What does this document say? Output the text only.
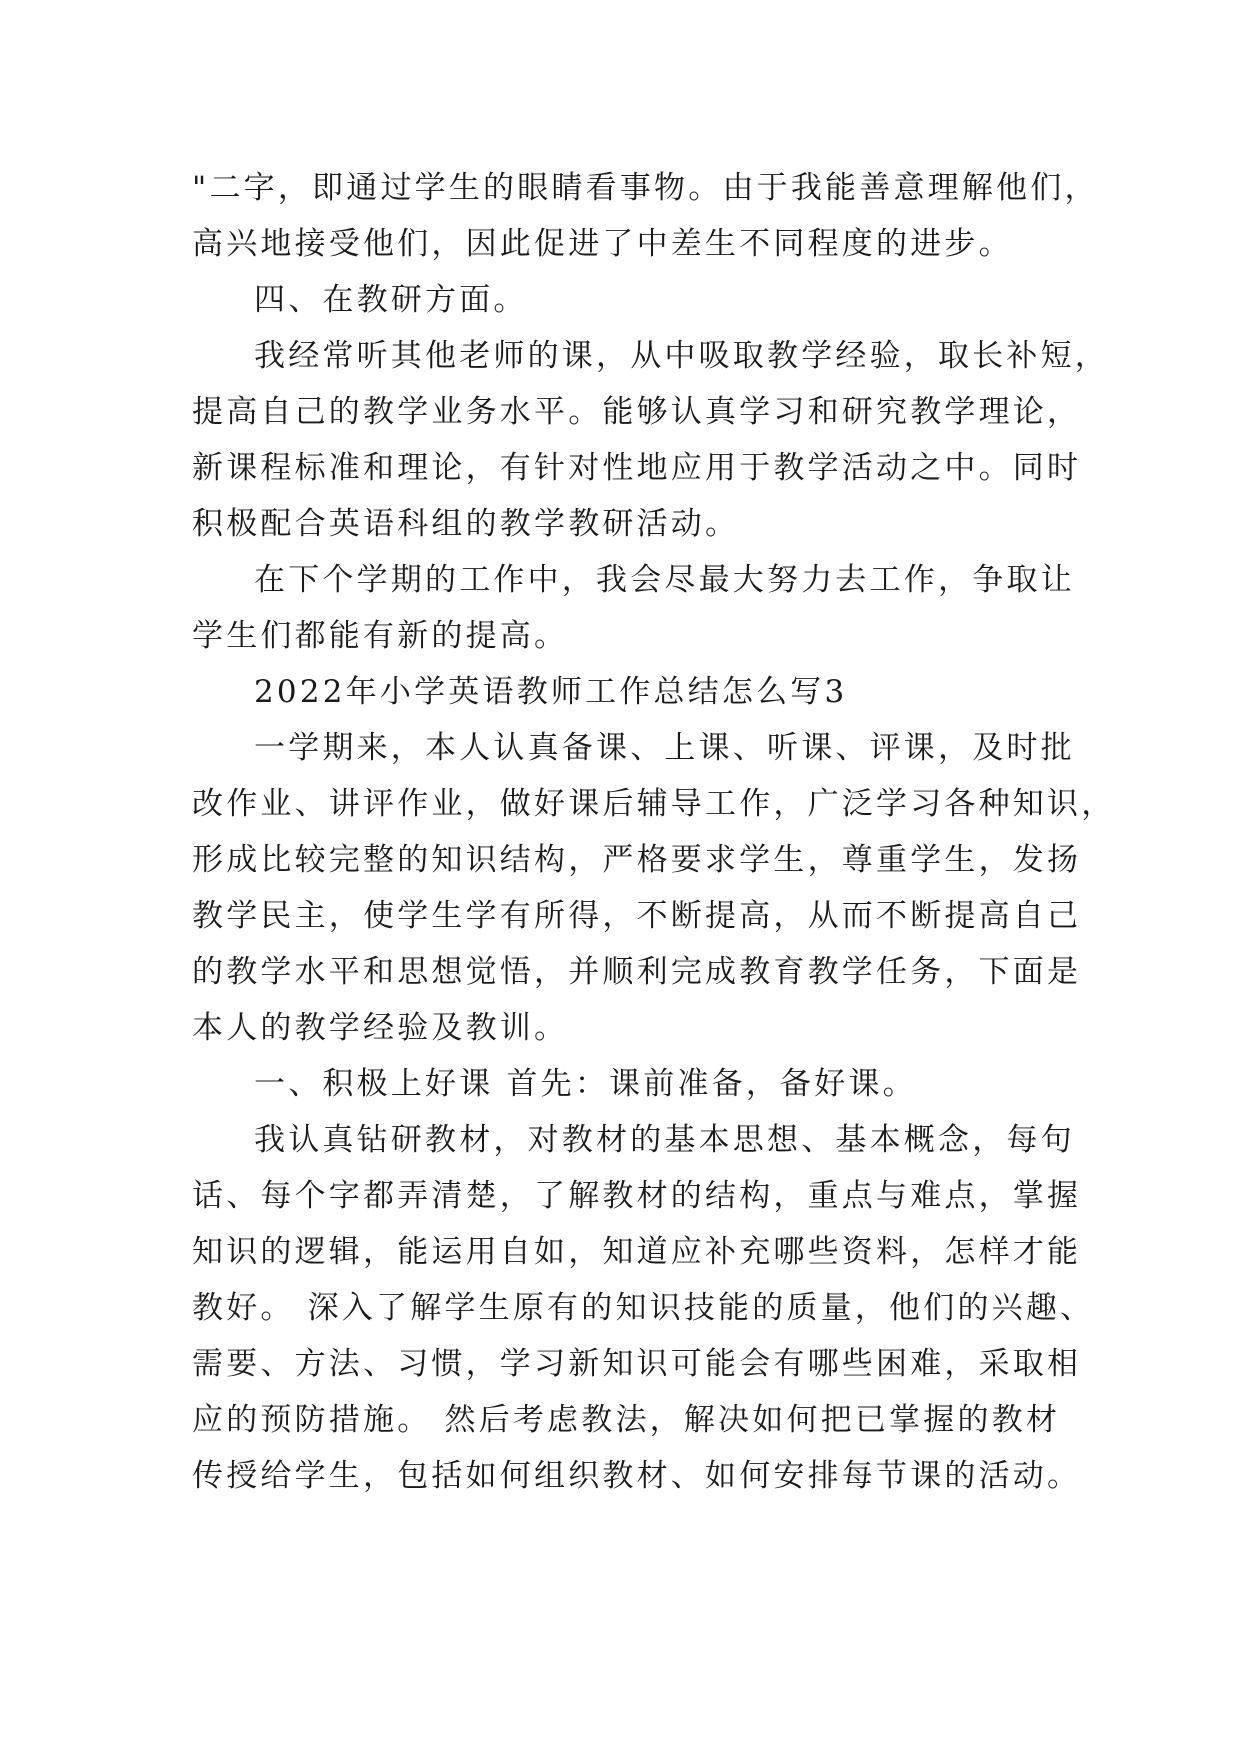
"二字，即通过学生的眼睛看事物。由于我能善意理解他们，
高兴地接受他们，因此促进了中差生不同程度的进步。
四、在教研方面。
我经常听其他老师的课，从中吸取教学经验，取长补短，
提高自己的教学业务水平。能够认真学习和研究教学理论，
新课程标准和理论，有针对性地应用于教学活动之中。同时
积极配合英语科组的教学教研活动。
在下个学期的工作中，我会尽最大努力去工作，争取让
学生们都能有新的提高。
2022年小学英语教师工作总结怎么写3
一学期来，本人认真备课、上课、听课、评课，及时批
改作业、讲评作业，做好课后辅导工作，广泛学习各种知识，
形成比较完整的知识结构，严格要求学生，尊重学生，发扬
教学民主，使学生学有所得，不断提高，从而不断提高自己
的教学水平和思想觉悟，并顺利完成教育教学任务，下面是
本人的教学经验及教训。
一、积极上好课 首先：课前准备，备好课。
我认真钻研教材，对教材的基本思想、基本概念，每句
话、每个字都弄清楚，了解教材的结构，重点与难点，掌握
知识的逻辑，能运用自如，知道应补充哪些资料，怎样才能
教好。 深入了解学生原有的知识技能的质量，他们的兴趣、
需要、方法、习惯，学习新知识可能会有哪些困难，采取相
应的预防措施。 然后考虑教法，解决如何把已掌握的教材
传授给学生，包括如何组织教材、如何安排每节课的活动。
